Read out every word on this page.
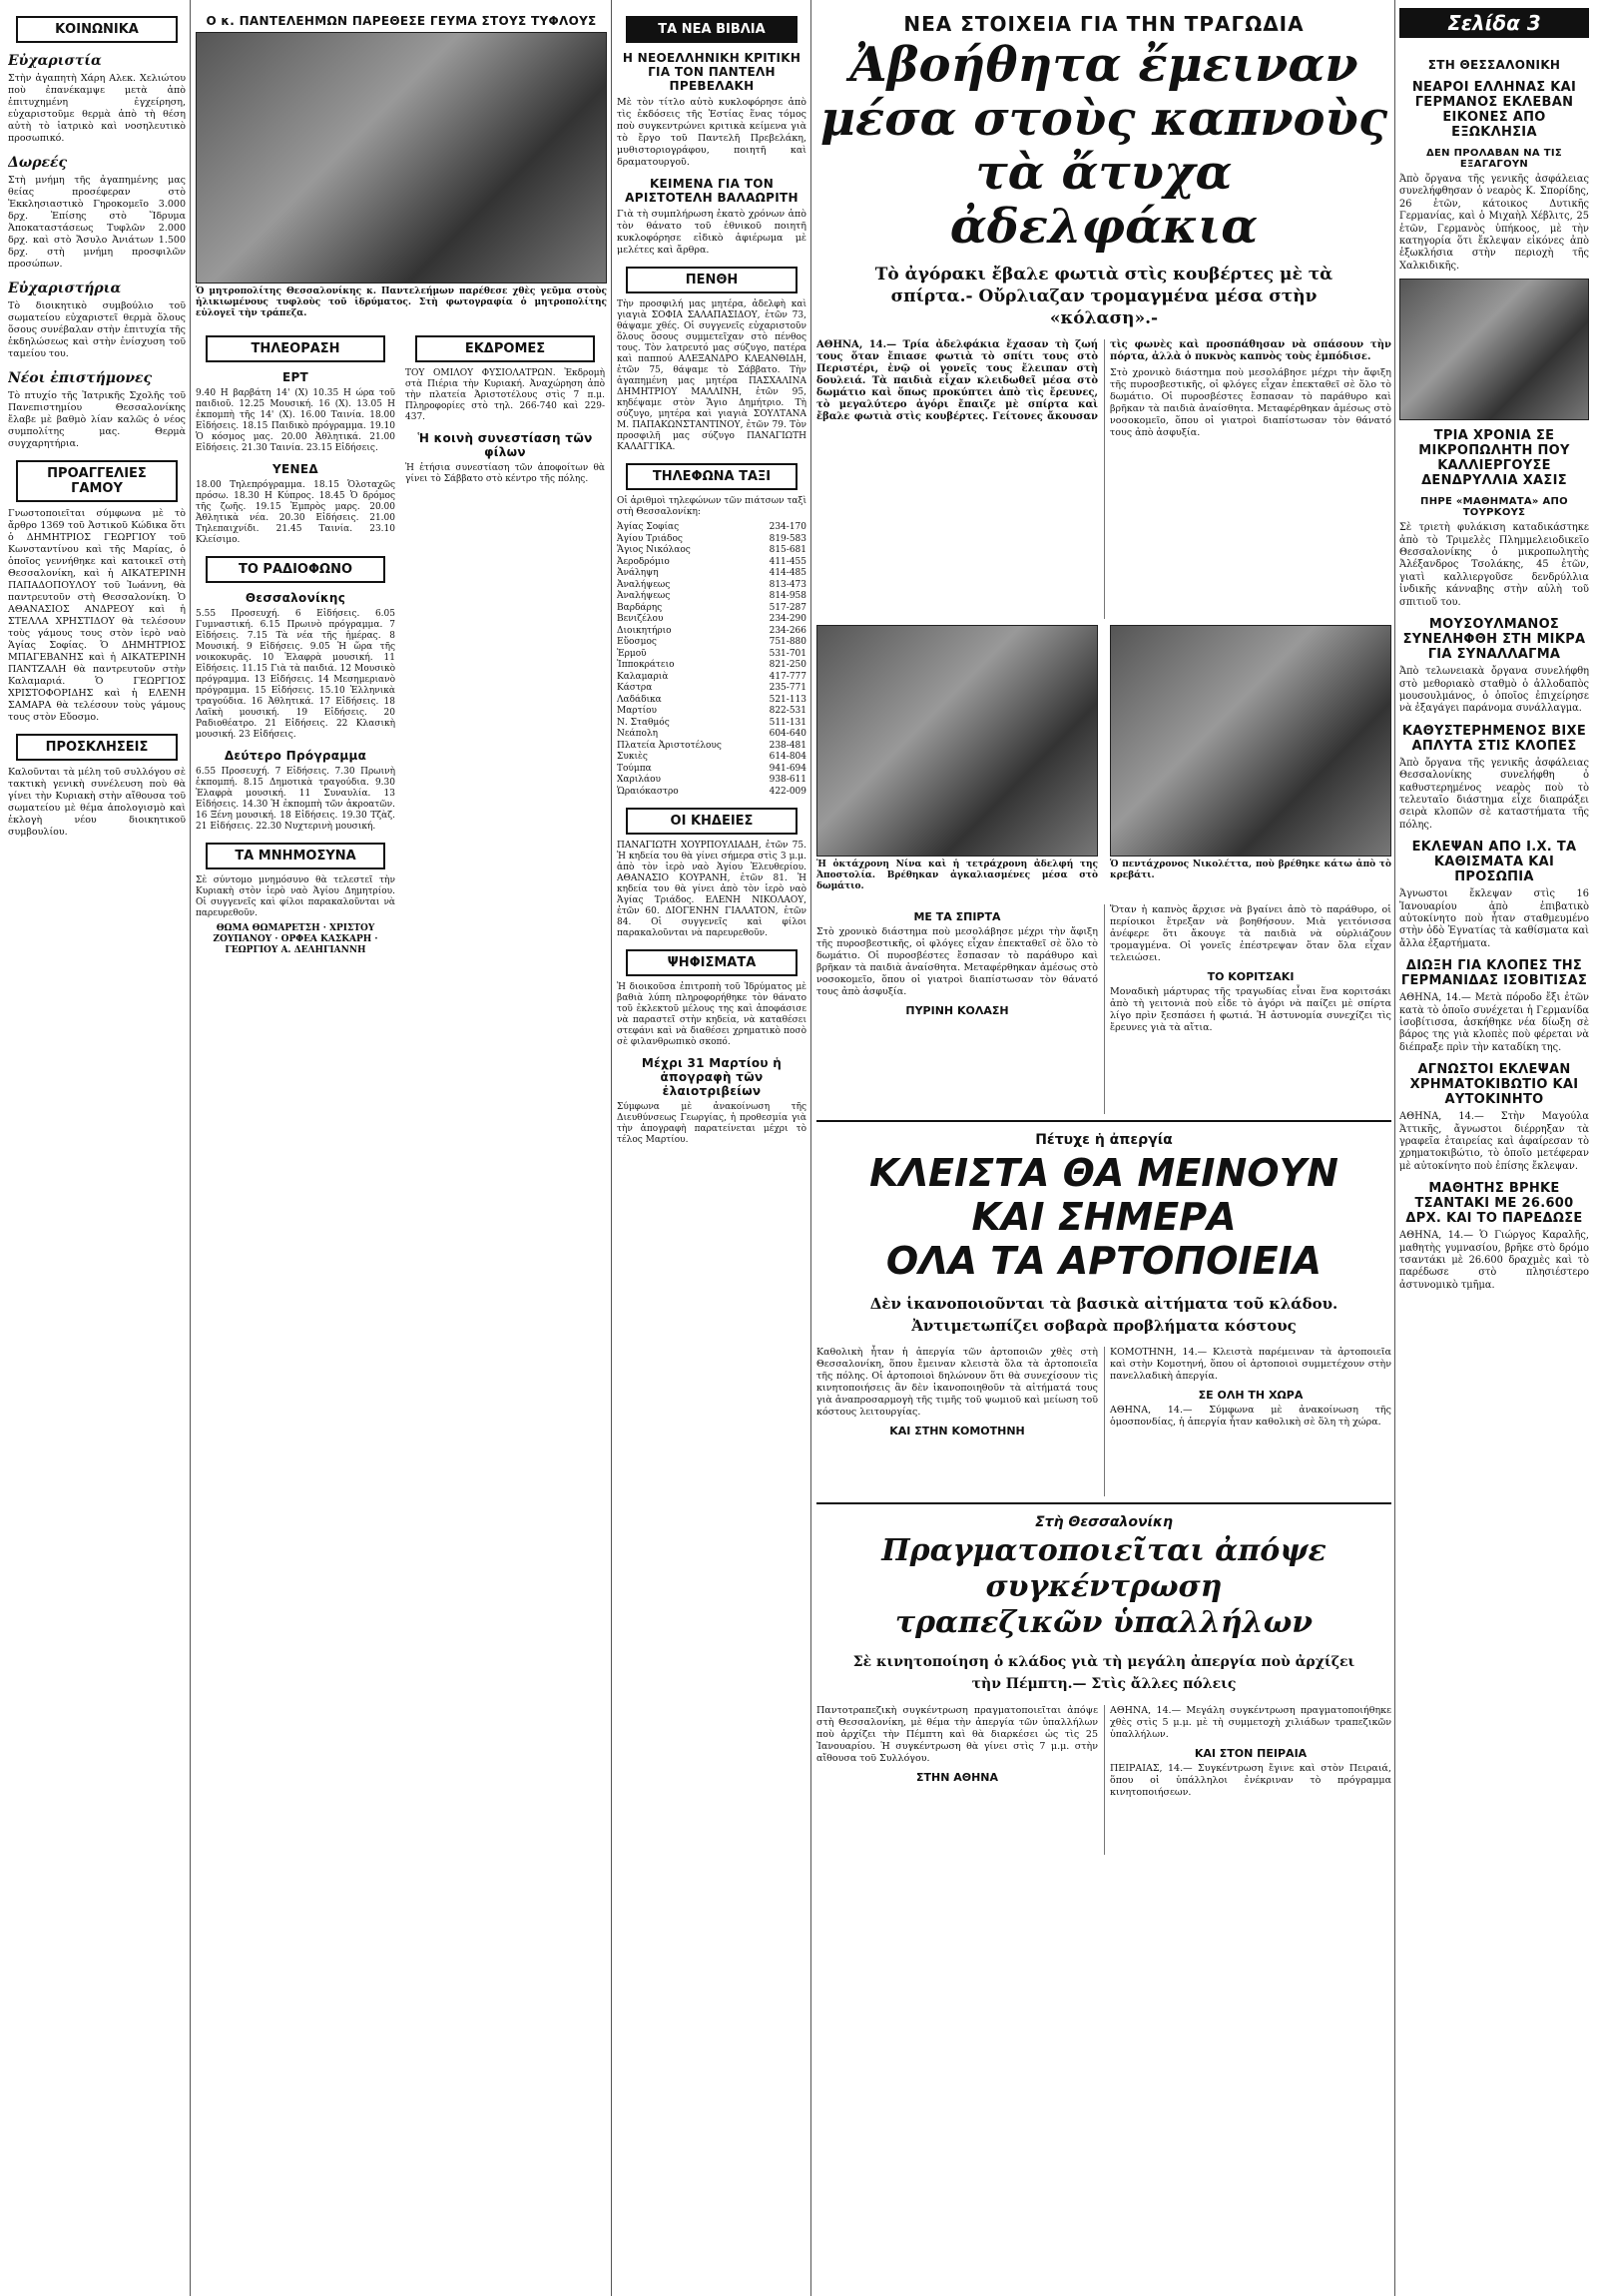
Σελίδα 3
ΚΟΙΝΩΝΙΚΑ
Εὐχαριστία

Στὴν ἀγαπητὴ Χάρη Αλεκ. Χελιώτου ποὺ ἐπανέκαμψε μετὰ ἀπὸ ἐπιτυχημένη ἐγχείρηση, εὐχαριστοῦμε θερμὰ ἀπὸ τὴ θέση αὐτὴ τὸ ἰατρικὸ καὶ νοσηλευτικὸ προσωπικό.

Δωρεές

Στὴ μνήμη τῆς ἀγαπημένης μας θείας προσέφεραν στὸ Ἐκκλησιαστικὸ Γηροκομεῖο 3.000 δρχ. Ἐπίσης στὸ Ἵδρυμα Ἀποκαταστάσεως Τυφλῶν 2.000 δρχ. καὶ στὸ Ἄσυλο Ἀνιάτων 1.500 δρχ. στὴ μνήμη προσφιλῶν προσώπων.

Εὐχαριστήρια

Τὸ διοικητικὸ συμβούλιο τοῦ σωματείου εὐχαριστεῖ θερμὰ ὅλους ὅσους συνέβαλαν στὴν ἐπιτυχία τῆς ἐκδηλώσεως καὶ στὴν ἐνίσχυση τοῦ ταμείου του.

Νέοι ἐπιστήμονες

Τὸ πτυχίο τῆς Ἰατρικῆς Σχολῆς τοῦ Πανεπιστημίου Θεσσαλονίκης ἔλαβε μὲ βαθμὸ λίαν καλῶς ὁ νέος συμπολίτης μας. Θερμὰ συγχαρητήρια.

ΠΡΟΑΓΓΕΛΙΕΣ ΓΑΜΟΥ

Γνωστοποιεῖται σύμφωνα μὲ τὸ ἄρθρο 1369 τοῦ Ἀστικοῦ Κώδικα ὅτι ὁ ΔΗΜΗΤΡΙΟΣ ΓΕΩΡΓΙΟΥ τοῦ Κωνσταντίνου καὶ τῆς Μαρίας, ὁ ὁποῖος γεννήθηκε καὶ κατοικεῖ στὴ Θεσσαλονίκη, καὶ ἡ ΑΙΚΑΤΕΡΙΝΗ ΠΑΠΑΔΟΠΟΥΛΟΥ τοῦ Ἰωάννη, θὰ παντρευτοῦν στὴ Θεσσαλονίκη. Ὁ ΑΘΑΝΑΣΙΟΣ ΑΝΔΡΕΟΥ καὶ ἡ ΣΤΕΛΛΑ ΧΡΗΣΤΙΔΟΥ θὰ τελέσουν τοὺς γάμους τους στὸν ἱερὸ ναὸ Ἁγίας Σοφίας. Ὁ ΔΗΜΗΤΡΙΟΣ ΜΠΑΓΕΒΑΝΗΣ καὶ ἡ ΑΙΚΑΤΕΡΙΝΗ ΠΑΝΤΖΑΛΗ θὰ παντρευτοῦν στὴν Καλαμαριά. Ὁ ΓΕΩΡΓΙΟΣ ΧΡΙΣΤΟΦΟΡΙΔΗΣ καὶ ἡ ΕΛΕΝΗ ΣΑΜΑΡΑ θὰ τελέσουν τοὺς γάμους τους στὸν Εὔοσμο.

ΠΡΟΣΚΛΗΣΕΙΣ

Καλοῦνται τὰ μέλη τοῦ συλλόγου σὲ τακτικὴ γενικὴ συνέλευση ποὺ θὰ γίνει τὴν Κυριακὴ στὴν αἴθουσα τοῦ σωματείου μὲ θέμα ἀπολογισμὸ καὶ ἐκλογὴ νέου διοικητικοῦ συμβουλίου.

Ο κ. ΠΑΝΤΕΛΕΗΜΩΝ ΠΑΡΕΘΕΣΕ ΓΕΥΜΑ ΣΤΟΥΣ ΤΥΦΛΟΥΣ
Ὁ μητροπολίτης Θεσσαλονίκης κ. Παντελεήμων παρέθεσε χθὲς γεῦμα στοὺς ἡλικιωμένους τυφλοὺς τοῦ ἱδρύματος. Στὴ φωτογραφία ὁ μητροπολίτης εὐλογεῖ τὴν τράπεζα.
ΤΗΛΕΟΡΑΣΗ
ΕΡΤ

9.40 Η βαρβάτη 14' (Χ) 10.35 Η ώρα τοῦ παιδιοῦ. 12.25 Μουσική. 16 (Χ). 13.05 Η ἑκπομπὴ τῆς 14' (Χ). 16.00 Ταινία. 18.00 Εἰδήσεις. 18.15 Παιδικὸ πρόγραμμα. 19.10 Ὁ κόσμος μας. 20.00 Ἀθλητικά. 21.00 Εἰδήσεις. 21.30 Ταινία. 23.15 Εἰδήσεις.

ΥΕΝΕΔ

18.00 Τηλεπρόγραμμα. 18.15 Ὁλοταχῶς πρόσω. 18.30 Η Κύπρος. 18.45 Ὁ δρόμος τῆς ζωῆς. 19.15 Ἐμπρὸς μαρς. 20.00 Ἀθλητικὰ νέα. 20.30 Εἰδήσεις. 21.00 Τηλεπαιχνίδι. 21.45 Ταινία. 23.10 Κλείσιμο.

ΤΟ ΡΑΔΙΟΦΩΝΟ
Θεσσαλονίκης

5.55 Προσευχή. 6 Εἰδήσεις. 6.05 Γυμναστική. 6.15 Πρωινὸ πρόγραμμα. 7 Εἰδήσεις. 7.15 Τὰ νέα τῆς ἡμέρας. 8 Μουσική. 9 Εἰδήσεις. 9.05 Ἡ ὥρα τῆς νοικοκυρᾶς. 10 Ἐλαφρὰ μουσική. 11 Εἰδήσεις. 11.15 Γιὰ τὰ παιδιά. 12 Μουσικὸ πρόγραμμα. 13 Εἰδήσεις. 14 Μεσημεριανὸ πρόγραμμα. 15 Εἰδήσεις. 15.10 Ἑλληνικὰ τραγούδια. 16 Ἀθλητικά. 17 Εἰδήσεις. 18 Λαϊκὴ μουσική. 19 Εἰδήσεις. 20 Ραδιοθέατρο. 21 Εἰδήσεις. 22 Κλασικὴ μουσική. 23 Εἰδήσεις.

Δεύτερο Πρόγραμμα

6.55 Προσευχή. 7 Εἰδήσεις. 7.30 Πρωινὴ ἐκπομπή. 8.15 Δημοτικὰ τραγούδια. 9.30 Ἐλαφρὰ μουσική. 11 Συναυλία. 13 Εἰδήσεις. 14.30 Ἡ ἐκπομπὴ τῶν ἀκροατῶν. 16 Ξένη μουσική. 18 Εἰδήσεις. 19.30 Τζὰζ. 21 Εἰδήσεις. 22.30 Νυχτερινὴ μουσική.

ΤΑ ΜΝΗΜΟΣΥΝΑ

Σὲ σύντομο μνημόσυνο θὰ τελεστεῖ τὴν Κυριακὴ στὸν ἱερὸ ναὸ Ἁγίου Δημητρίου. Οἱ συγγενεῖς καὶ φίλοι παρακαλοῦνται νὰ παρευρεθοῦν.

ΘΩΜΑ ΘΩΜΑΡΕΤΣΗ · ΧΡΙΣΤΟΥ ΖΟΥΠΑΝΟΥ · ΟΡΦΕΑ ΚΑΣΚΑΡΗ · ΓΕΩΡΓΙΟΥ Α. ΔΕΛΗΓΙΑΝΝΗ

ΕΚΔΡΟΜΕΣ

ΤΟΥ ΟΜΙΛΟΥ ΦΥΣΙΟΛΑΤΡΩΝ. Ἐκδρομὴ στὰ Πιέρια τὴν Κυριακή. Ἀναχώρηση ἀπὸ τὴν πλατεία Ἀριστοτέλους στὶς 7 π.μ. Πληροφορίες στὸ τηλ. 266-740 καὶ 229-437.

Ἡ κοινὴ συνεστίαση τῶν φίλων

Ἡ ἐτήσια συνεστίαση τῶν ἀποφοίτων θὰ γίνει τὸ Σάββατο στὸ κέντρο τῆς πόλης.

ΤΑ ΝΕΑ ΒΙΒΛΙΑ
Η ΝΕΟΕΛΛΗΝΙΚΗ ΚΡΙΤΙΚΗ ΓΙΑ ΤΟΝ ΠΑΝΤΕΛΗ ΠΡΕΒΕΛΑΚΗ

Μὲ τὸν τίτλο αὐτὸ κυκλοφόρησε ἀπὸ τὶς ἐκδόσεις τῆς Ἑστίας ἕνας τόμος ποὺ συγκεντρώνει κριτικὰ κείμενα γιὰ τὸ ἔργο τοῦ Παντελῆ Πρεβελάκη, μυθιστοριογράφου, ποιητῆ καὶ δραματουργοῦ.

ΚΕΙΜΕΝΑ ΓΙΑ ΤΟΝ ΑΡΙΣΤΟΤΕΛΗ ΒΑΛΑΩΡΙΤΗ

Γιὰ τὴ συμπλήρωση ἑκατὸ χρόνων ἀπὸ τὸν θάνατο τοῦ ἐθνικοῦ ποιητῆ κυκλοφόρησε εἰδικὸ ἀφιέρωμα μὲ μελέτες καὶ ἄρθρα.

ΠΕΝΘΗ

Τὴν προσφιλή μας μητέρα, ἀδελφὴ καὶ γιαγιὰ ΣΟΦΙΑ ΣΑΛΑΠΑΣΙΔΟΥ, ἐτῶν 73, θάψαμε χθές. Οἱ συγγενεῖς εὐχαριστοῦν ὅλους ὅσους συμμετεῖχαν στὸ πένθος τους. Τὸν λατρευτό μας σύζυγο, πατέρα καὶ παππού ΑΛΕΞΑΝΔΡΟ ΚΛΕΑΝΘΙΔΗ, ἐτῶν 75, θάψαμε τὸ Σάββατο. Τὴν ἀγαπημένη μας μητέρα ΠΑΣΧΑΛΙΝΑ ΔΗΜΗΤΡΙΟΥ ΜΑΛΛΙΝΗ, ἐτῶν 95, κηδέψαμε στὸν Ἅγιο Δημήτριο. Τὴ σύζυγο, μητέρα καὶ γιαγιὰ ΣΟΥΛΤΑΝΑ Μ. ΠΑΠΑΚΩΝΣΤΑΝΤΙΝΟΥ, ἐτῶν 79. Τὸν προσφιλῆ μας σύζυγο ΠΑΝΑΓΙΩΤΗ ΚΑΛΑΓΓΙΚΑ.

ΤΗΛΕΦΩΝΑ ΤΑΞΙ

Οἱ ἀριθμοὶ τηλεφώνων τῶν πιάτσων ταξὶ στὴ Θεσσαλονίκη:

Ἁγίας Σοφίας	234-170
Ἁγίου Τριάδος	819-583
Ἅγιος Νικόλαος	815-681
Ἀεροδρόμιο	411-455
Ἀνάληψη	414-485
Ἀναλήψεως	813-473
Ἀναλήψεως	814-958
Βαρδάρης	517-287
Βενιζέλου	234-290
Διοικητήριο	234-266
Εὔοσμος	751-880
Ἑρμοῦ	531-701
Ἰπποκράτειο	821-250
Καλαμαριὰ	417-777
Κάστρα	235-771
Λαδάδικα	521-113
Μαρτίου	822-531
Ν. Σταθμός	511-131
Νεάπολη	604-640
Πλατεία Ἀριστοτέλους	238-481
Συκιὲς	614-804
Τούμπα	941-694
Χαριλάου	938-611
Ὡραιόκαστρο	422-009
ΟΙ ΚΗΔΕΙΕΣ

ΠΑΝΑΓΙΩΤΗ ΧΟΥΡΠΟΥΛΙΑΔΗ, ἐτῶν 75. Ἡ κηδεία του θὰ γίνει σήμερα στὶς 3 μ.μ. ἀπὸ τὸν ἱερὸ ναὸ Ἁγίου Ἐλευθερίου. ΑΘΑΝΑΣΙΟ ΚΟΥΡΑΝΗ, ἐτῶν 81. Ἡ κηδεία του θὰ γίνει ἀπὸ τὸν ἱερὸ ναὸ Ἁγίας Τριάδος. ΕΛΕΝΗ ΝΙΚΟΛΑΟΥ, ἐτῶν 60. ΔΙΟΓΕΝΗΝ ΓΙΑΛΑΤΟΝ, ἐτῶν 84. Οἱ συγγενεῖς καὶ φίλοι παρακαλοῦνται νὰ παρευρεθοῦν.

ΨΗΦΙΣΜΑΤΑ

Ἡ διοικοῦσα ἐπιτροπὴ τοῦ Ἱδρύματος μὲ βαθιὰ λύπη πληροφορήθηκε τὸν θάνατο τοῦ ἐκλεκτοῦ μέλους της καὶ ἀποφάσισε νὰ παραστεῖ στὴν κηδεία, νὰ καταθέσει στεφάνι καὶ νὰ διαθέσει χρηματικὸ ποσὸ σὲ φιλανθρωπικὸ σκοπό.

Μέχρι 31 Μαρτίου ἡ ἀπογραφὴ τῶν ἐλαιοτριβείων

Σύμφωνα μὲ ἀνακοίνωση τῆς Διευθύνσεως Γεωργίας, ἡ προθεσμία γιὰ τὴν ἀπογραφὴ παρατείνεται μέχρι τὸ τέλος Μαρτίου.

ΝΕΑ ΣΤΟΙΧΕΙΑ ΓΙΑ ΤΗΝ ΤΡΑΓΩΔΙΑ
Ἀβοήθητα ἔμειναν
μέσα στοὺς καπνοὺς
τὰ ἄτυχα ἀδελφάκια
Τὸ ἀγόρακι ἔβαλε φωτιὰ στὶς κουβέρτες μὲ τὰ σπίρτα.- Οὔρλιαζαν τρομαγμένα μέσα στὴν «κόλαση».-

ΑΘΗΝΑ, 14.— Τρία ἀδελφάκια ἔχασαν τὴ ζωή τους ὅταν ἔπιασε φωτιὰ τὸ σπίτι τους στὸ Περιστέρι, ἐνῷ οἱ γονεῖς τους ἔλειπαν στὴ δουλειά. Τὰ παιδιὰ εἶχαν κλειδωθεῖ μέσα στὸ δωμάτιο καὶ ὅπως προκύπτει ἀπὸ τὶς ἔρευνες, τὸ μεγαλύτερο ἀγόρι ἔπαιζε μὲ σπίρτα καὶ ἔβαλε φωτιὰ στὶς κουβέρτες. Γείτονες ἄκουσαν τὶς φωνὲς καὶ προσπάθησαν νὰ σπάσουν τὴν πόρτα, ἀλλὰ ὁ πυκνὸς καπνὸς τοὺς ἐμπόδισε.

Στὸ χρονικὸ διάστημα ποὺ μεσολάβησε μέχρι τὴν ἄφιξη τῆς πυροσβεστικῆς, οἱ φλόγες εἶχαν ἐπεκταθεῖ σὲ ὅλο τὸ δωμάτιο. Οἱ πυροσβέστες ἔσπασαν τὸ παράθυρο καὶ βρῆκαν τὰ παιδιὰ ἀναίσθητα. Μεταφέρθηκαν ἀμέσως στὸ νοσοκομεῖο, ὅπου οἱ γιατροὶ διαπίστωσαν τὸν θάνατό τους ἀπὸ ἀσφυξία.

Ἡ ὀκτάχρονη Νίνα καὶ ἡ τετράχρονη ἀδελφή της Ἀποστολία. Βρέθηκαν ἀγκαλιασμένες μέσα στὸ δωμάτιο.
Ὁ πεντάχρονος Νικολέττα, ποὺ βρέθηκε κάτω ἀπὸ τὸ κρεβάτι.
ΜΕ ΤΑ ΣΠΙΡΤΑ

Στὸ χρονικὸ διάστημα ποὺ μεσολάβησε μέχρι τὴν ἄφιξη τῆς πυροσβεστικῆς, οἱ φλόγες εἶχαν ἐπεκταθεῖ σὲ ὅλο τὸ δωμάτιο. Οἱ πυροσβέστες ἔσπασαν τὸ παράθυρο καὶ βρῆκαν τὰ παιδιὰ ἀναίσθητα. Μεταφέρθηκαν ἀμέσως στὸ νοσοκομεῖο, ὅπου οἱ γιατροὶ διαπίστωσαν τὸν θάνατό τους ἀπὸ ἀσφυξία.

ΠΥΡΙΝΗ ΚΟΛΑΣΗ

Ὅταν ἡ καπνὸς ἄρχισε νὰ βγαίνει ἀπὸ τὸ παράθυρο, οἱ περίοικοι ἔτρεξαν νὰ βοηθήσουν. Μιὰ γειτόνισσα ἀνέφερε ὅτι ἄκουγε τὰ παιδιὰ νὰ οὐρλιάζουν τρομαγμένα. Οἱ γονεῖς ἐπέστρεψαν ὅταν ὅλα εἶχαν τελειώσει.

ΤΟ ΚΟΡΙΤΣΑΚΙ

Μοναδικὴ μάρτυρας τῆς τραγωδίας εἶναι ἕνα κοριτσάκι ἀπὸ τὴ γειτονιὰ ποὺ εἶδε τὸ ἀγόρι νὰ παίζει μὲ σπίρτα λίγο πρὶν ξεσπάσει ἡ φωτιά. Ἡ ἀστυνομία συνεχίζει τὶς ἔρευνες γιὰ τὰ αἴτια.

Πέτυχε ἡ ἀπεργία
ΚΛΕΙΣΤΑ ΘΑ ΜΕΙΝΟΥΝ
ΚΑΙ ΣΗΜΕΡΑ
ΟΛΑ ΤΑ ΑΡΤΟΠΟΙΕΙΑ
Δὲν ἱκανοποιοῦνται τὰ βασικὰ αἰτήματα τοῦ κλάδου. Ἀντιμετωπίζει σοβαρὰ προβλήματα κόστους

Καθολικὴ ἦταν ἡ ἀπεργία τῶν ἀρτοποιῶν χθὲς στὴ Θεσσαλονίκη, ὅπου ἔμειναν κλειστὰ ὅλα τὰ ἀρτοποιεῖα τῆς πόλης. Οἱ ἀρτοποιοὶ δηλώνουν ὅτι θὰ συνεχίσουν τὶς κινητοποιήσεις ἂν δὲν ἱκανοποιηθοῦν τὰ αἰτήματά τους γιὰ ἀναπροσαρμογὴ τῆς τιμῆς τοῦ ψωμιοῦ καὶ μείωση τοῦ κόστους λειτουργίας.

ΚΑΙ ΣΤΗΝ ΚΟΜΟΤΗΝΗ

ΚΟΜΟΤΗΝΗ, 14.— Κλειστὰ παρέμειναν τὰ ἀρτοποιεῖα καὶ στὴν Κομοτηνή, ὅπου οἱ ἀρτοποιοὶ συμμετέχουν στὴν πανελλαδικὴ ἀπεργία.

ΣΕ ΟΛΗ ΤΗ ΧΩΡΑ

ΑΘΗΝΑ, 14.— Σύμφωνα μὲ ἀνακοίνωση τῆς ὁμοσπονδίας, ἡ ἀπεργία ἦταν καθολικὴ σὲ ὅλη τὴ χώρα.

Στὴ Θεσσαλονίκη
Πραγματοποιεῖται ἀπόψε
συγκέντρωση
τραπεζικῶν ὑπαλλήλων
Σὲ κινητοποίηση ὁ κλάδος γιὰ τὴ μεγάλη ἀπεργία ποὺ ἀρχίζει τὴν Πέμπτη.— Στὶς ἄλλες πόλεις

Παντοτραπεζικὴ συγκέντρωση πραγματοποιεῖται ἀπόψε στὴ Θεσσαλονίκη, μὲ θέμα τὴν ἀπεργία τῶν ὑπαλλήλων ποὺ ἀρχίζει τὴν Πέμπτη καὶ θὰ διαρκέσει ὡς τὶς 25 Ἰανουαρίου. Ἡ συγκέντρωση θὰ γίνει στὶς 7 μ.μ. στὴν αἴθουσα τοῦ Συλλόγου.

ΣΤΗΝ ΑΘΗΝΑ

ΑΘΗΝΑ, 14.— Μεγάλη συγκέντρωση πραγματοποιήθηκε χθὲς στὶς 5 μ.μ. μὲ τὴ συμμετοχὴ χιλιάδων τραπεζικῶν ὑπαλλήλων.

ΚΑΙ ΣΤΟΝ ΠΕΙΡΑΙΑ

ΠΕΙΡΑΙΑΣ, 14.— Συγκέντρωση ἔγινε καὶ στὸν Πειραιά, ὅπου οἱ ὑπάλληλοι ἐνέκριναν τὸ πρόγραμμα κινητοποιήσεων.

ΣΤΗ ΘΕΣΣΑΛΟΝΙΚΗ
ΝΕΑΡΟΙ ΕΛΛΗΝΑΣ ΚΑΙ ΓΕΡΜΑΝΟΣ ΕΚΛΕΒΑΝ ΕΙΚΟΝΕΣ ΑΠΟ ΕΞΩΚΛΗΣΙΑ
ΔΕΝ ΠΡΟΛΑΒΑΝ ΝΑ ΤΙΣ ΕΞΑΓΑΓΟΥΝ

Ἀπὸ ὄργανα τῆς γενικῆς ἀσφάλειας συνελήφθησαν ὁ νεαρὸς Κ. Σπορίδης, 26 ἐτῶν, κάτοικος Δυτικῆς Γερμανίας, καὶ ὁ Μιχαὴλ Χέβλιτς, 25 ἐτῶν, Γερμανὸς ὑπήκοος, μὲ τὴν κατηγορία ὅτι ἔκλεψαν εἰκόνες ἀπὸ ἐξωκλήσια στὴν περιοχὴ τῆς Χαλκιδικῆς.

ΤΡΙΑ ΧΡΟΝΙΑ ΣΕ ΜΙΚΡΟΠΩΛΗΤΗ ΠΟΥ ΚΑΛΛΙΕΡΓΟΥΣΕ ΔΕΝΔΡΥΛΛΙΑ ΧΑΣΙΣ
ΠΗΡΕ «ΜΑΘΗΜΑΤΑ» ΑΠΟ ΤΟΥΡΚΟΥΣ

Σὲ τριετὴ φυλάκιση καταδικάστηκε ἀπὸ τὸ Τριμελὲς Πλημμελειοδικεῖο Θεσσαλονίκης ὁ μικροπωλητὴς Ἀλέξανδρος Τσολάκης, 45 ἐτῶν, γιατὶ καλλιεργοῦσε δενδρύλλια ἰνδικῆς κάνναβης στὴν αὐλὴ τοῦ σπιτιοῦ του.

ΜΟΥΣΟΥΛΜΑΝΟΣ ΣΥΝΕΛΗΦΘΗ ΣΤΗ ΜΙΚΡΑ ΓΙΑ ΣΥΝΑΛΛΑΓΜΑ

Ἀπὸ τελωνειακὰ ὄργανα συνελήφθη στὸ μεθοριακὸ σταθμὸ ὁ ἀλλοδαπὸς μουσουλμάνος, ὁ ὁποῖος ἐπιχείρησε νὰ ἐξαγάγει παράνομα συνάλλαγμα.

ΚΑΘΥΣΤΕΡΗΜΕΝΟΣ ΒΙΧΕ ΑΠΛΥΤΑ ΣΤΙΣ ΚΛΟΠΕΣ

Ἀπὸ ὄργανα τῆς γενικῆς ἀσφάλειας Θεσσαλονίκης συνελήφθη ὁ καθυστερημένος νεαρὸς ποὺ τὸ τελευταῖο διάστημα εἶχε διαπράξει σειρὰ κλοπῶν σὲ καταστήματα τῆς πόλης.

ΕΚΛΕΨΑΝ ΑΠΟ Ι.Χ. ΤΑ ΚΑΘΙΣΜΑΤΑ ΚΑΙ ΠΡΟΣΩΠΙΑ

Ἀγνωστοι ἔκλεψαν στὶς 16 Ἰανουαρίου ἀπὸ ἐπιβατικὸ αὐτοκίνητο ποὺ ἦταν σταθμευμένο στὴν ὁδὸ Ἐγνατίας τὰ καθίσματα καὶ ἄλλα ἐξαρτήματα.

ΔΙΩΞΗ ΓΙΑ ΚΛΟΠΕΣ ΤΗΣ ΓΕΡΜΑΝΙΔΑΣ ΙΣΟΒΙΤΙΣΑΣ

ΑΘΗΝΑ, 14.— Μετὰ πόροδο ἔξι ἐτῶν κατὰ τὸ ὁποῖο συνέχεται ἡ Γερμανίδα ἰσοβίτισσα, ἀσκήθηκε νέα δίωξη σὲ βάρος της γιὰ κλοπὲς ποὺ φέρεται νὰ διέπραξε πρὶν τὴν καταδίκη της.

ΑΓΝΩΣΤΟΙ ΕΚΛΕΨΑΝ ΧΡΗΜΑΤΟΚΙΒΩΤΙΟ ΚΑΙ ΑΥΤΟΚΙΝΗΤΟ

ΑΘΗΝΑ, 14.— Στὴν Μαγούλα Ἀττικῆς, ἄγνωστοι διέρρηξαν τὰ γραφεῖα ἑταιρείας καὶ ἀφαίρεσαν τὸ χρηματοκιβώτιο, τὸ ὁποῖο μετέφεραν μὲ αὐτοκίνητο ποὺ ἐπίσης ἔκλεψαν.

ΜΑΘΗΤΗΣ ΒΡΗΚΕ ΤΣΑΝΤΑΚΙ ΜΕ 26.600 ΔΡΧ. ΚΑΙ ΤΟ ΠΑΡΕΔΩΣΕ

ΑΘΗΝΑ, 14.— Ὁ Γιώργος Καραλῆς, μαθητὴς γυμνασίου, βρῆκε στὸ δρόμο τσαντάκι μὲ 26.600 δραχμὲς καὶ τὸ παρέδωσε στὸ πλησιέστερο ἀστυνομικὸ τμῆμα.
